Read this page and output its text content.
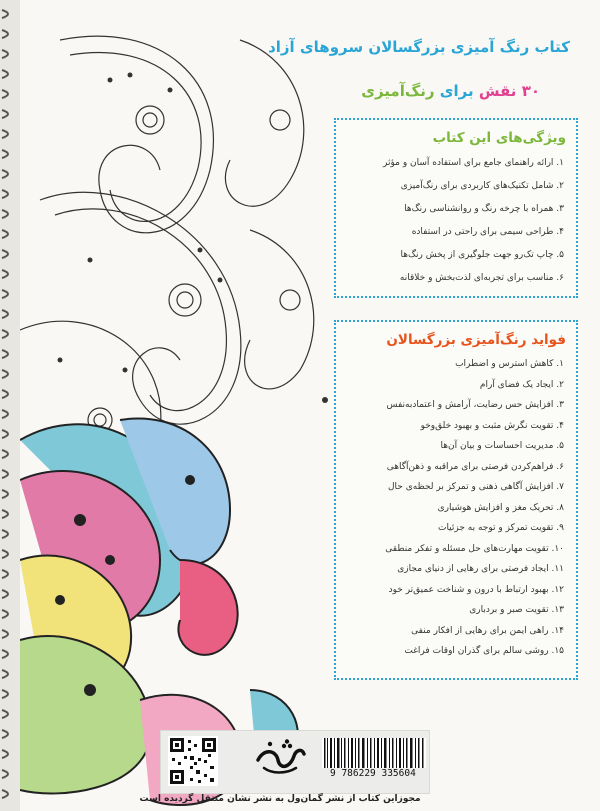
کتاب رنگ آمیزی بزرگسالان سروهای آزاد
۳۰ نقش برای رنگ‌آمیزی
ویژگی‌های این کتاب
۱. ارائه راهنمای جامع برای استفاده آسان و مؤثر
۲. شامل تکنیک‌های کاربردی برای رنگ‌آمیزی
۳. همراه با چرخه رنگ و روانشناسی رنگ‌ها
۴. طراحی سیمی برای راحتی در استفاده
۵. چاپ تک‌رو جهت جلوگیری از پخش رنگ‌ها
۶. مناسب برای تجربه‌ای لذت‌بخش و خلاقانه
فواید رنگ‌آمیزی بزرگسالان
۱. کاهش استرس و اضطراب
۲. ایجاد یک فضای آرام
۳. افزایش حس رضایت، آرامش و اعتماد‌به‌نفس
۴. تقویت نگرش مثبت و بهبود خلق‌وخو
۵. مدیریت احساسات و بیان آن‌ها
۶. فراهم‌کردن فرصتی برای مراقبه و ذهن‌آگاهی
۷. افزایش آگاهی ذهنی و تمرکز بر لحظه‌ی حال
۸. تحریک مغز و افزایش هوشیاری
۹. تقویت تمرکز و توجه به جزئیات
۱۰. تقویت مهارت‌های حل مسئله و تفکر منطقی
۱۱. ایجاد فرصتی برای رهایی از دنیای مجازی
۱۲. بهبود ارتباط با درون و شناخت عمیق‌تر خود
۱۳. تقویت صبر و بردباری
۱۴. راهی ایمن برای رهایی از افکار منفی
۱۵. روشی سالم برای گذران اوقات فراغت
9 786229 335604
مجوزاین کتاب از نشر گمان‌ول به نشر نشان منتقل گردیده است
